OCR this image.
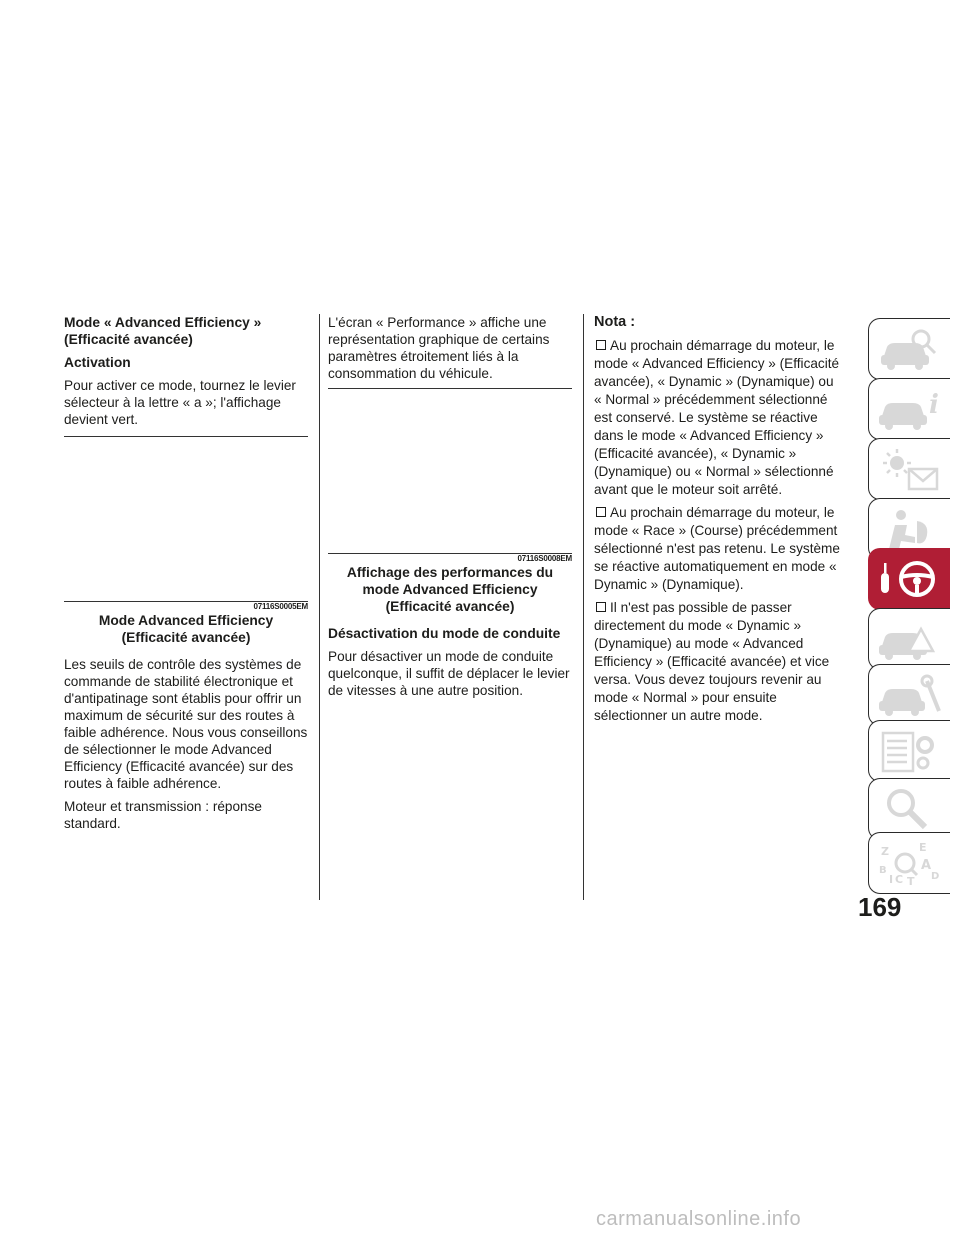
Mode « Advanced Efficiency » (Efficacité avancée)
Activation

Pour activer ce mode, tournez le levier sélecteur à la lettre « a »; l'affichage devient vert.

07116S0005EM
Mode Advanced Efficiency (Efficacité avancée)

Les seuils de contrôle des systèmes de commande de stabilité électronique et d'antipatinage sont établis pour offrir un maximum de sécurité sur des routes à faible adhérence. Nous vous conseillons de sélectionner le mode Advanced Efficiency (Efficacité avancée) sur des routes à faible adhérence.

Moteur et transmission : réponse standard.

L'écran « Performance » affiche une représentation graphique de certains paramètres étroitement liés à la consommation du véhicule.

07116S0008EM
Affichage des performances du mode Advanced Efficiency (Efficacité avancée)
Désactivation du mode de conduite

Pour désactiver un mode de conduite quelconque, il suffit de déplacer le levier de vitesses à une autre position.

Nota :
Au prochain démarrage du moteur, le mode « Advanced Efficiency » (Efficacité avancée), « Dynamic » (Dynamique) ou « Normal » précédemment sélectionné est conservé. Le système se réactive dans le mode « Advanced Efficiency » (Efficacité avancée), « Dynamic » (Dynamique) ou « Normal » sélectionné avant que le moteur soit arrêté.
Au prochain démarrage du moteur, le mode « Race » (Course) précédemment sélectionné n'est pas retenu. Le système se réactive automatiquement en mode « Dynamic » (Dynamique).
Il n'est pas possible de passer directement du mode « Dynamic » (Dynamique) au mode « Advanced Efficiency » (Efficacité avancée) et vice versa. Vous devez toujours revenir au mode « Normal » pour ensuite sélectionner un autre mode.
i
Z	E
B	A
D
I C T
169
carmanualsonline.info
